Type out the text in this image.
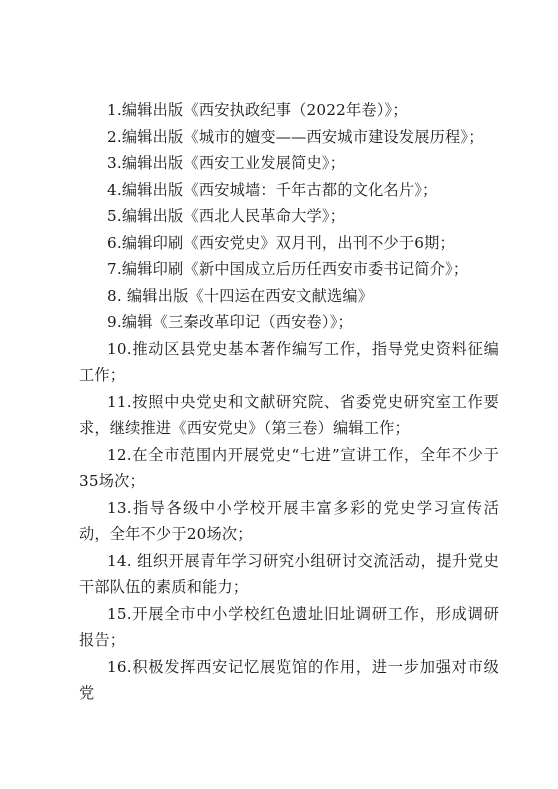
1.编辑出版《西安执政纪事（2022年卷）》；

2.编辑出版《城市的嬗变——西安城市建设发展历程》；

3.编辑出版《西安工业发展简史》；

4.编辑出版《西安城墙：千年古都的文化名片》；

5.编辑出版《西北人民革命大学》；

6.编辑印刷《西安党史》双月刊，出刊不少于6期；

7.编辑印刷《新中国成立后历任西安市委书记简介》；

8. 编辑出版《十四运在西安文献选编》

9.编辑《三秦改革印记（西安卷）》；

10.推动区县党史基本著作编写工作，指导党史资料征编工作；

11.按照中央党史和文献研究院、省委党史研究室工作要求，继续推进《西安党史》（第三卷）编辑工作；

12.在全市范围内开展党史“七进”宣讲工作，全年不少于35场次；

13.指导各级中小学校开展丰富多彩的党史学习宣传活动，全年不少于20场次；

14. 组织开展青年学习研究小组研讨交流活动，提升党史干部队伍的素质和能力；

15.开展全市中小学校红色遗址旧址调研工作，形成调研报告；

16.积极发挥西安记忆展览馆的作用，进一步加强对市级党
